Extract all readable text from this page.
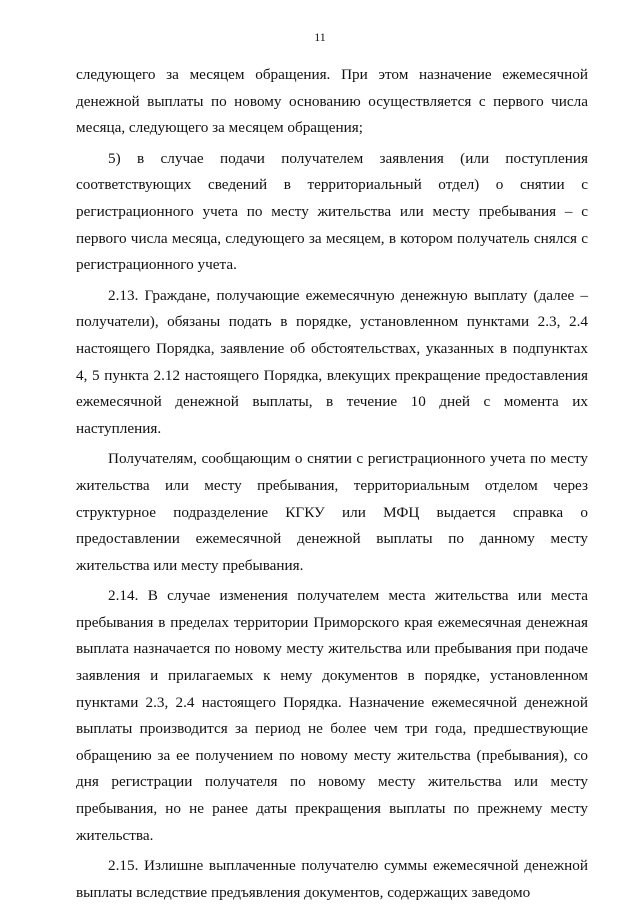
11

следующего за месяцем обращения. При этом назначение ежемесячной денежной выплаты по новому основанию осуществляется с первого числа месяца, следующего за месяцем обращения;

5) в случае подачи получателем заявления (или поступления соответствующих сведений в территориальный отдел) о снятии с регистрационного учета по месту жительства или месту пребывания – с первого числа месяца, следующего за месяцем, в котором получатель снялся с регистрационного учета.

2.13. Граждане, получающие ежемесячную денежную выплату (далее – получатели), обязаны подать в порядке, установленном пунктами 2.3, 2.4 настоящего Порядка, заявление об обстоятельствах, указанных в подпунктах 4, 5 пункта 2.12 настоящего Порядка, влекущих прекращение предоставления ежемесячной денежной выплаты, в течение 10 дней с момента их наступления.

Получателям, сообщающим о снятии с регистрационного учета по месту жительства или месту пребывания, территориальным отделом через структурное подразделение КГКУ или МФЦ выдается справка о предоставлении ежемесячной денежной выплаты по данному месту жительства или месту пребывания.

2.14. В случае изменения получателем места жительства или места пребывания в пределах территории Приморского края ежемесячная денежная выплата назначается по новому месту жительства или пребывания при подаче заявления и прилагаемых к нему документов в порядке, установленном пунктами 2.3, 2.4 настоящего Порядка. Назначение ежемесячной денежной выплаты производится за период не более чем три года, предшествующие обращению за ее получением по новому месту жительства (пребывания), со дня регистрации получателя по новому месту жительства или месту пребывания, но не ранее даты прекращения выплаты по прежнему месту жительства.

2.15. Излишне выплаченные получателю суммы ежемесячной денежной выплаты вследствие предъявления документов, содержащих заведомо
